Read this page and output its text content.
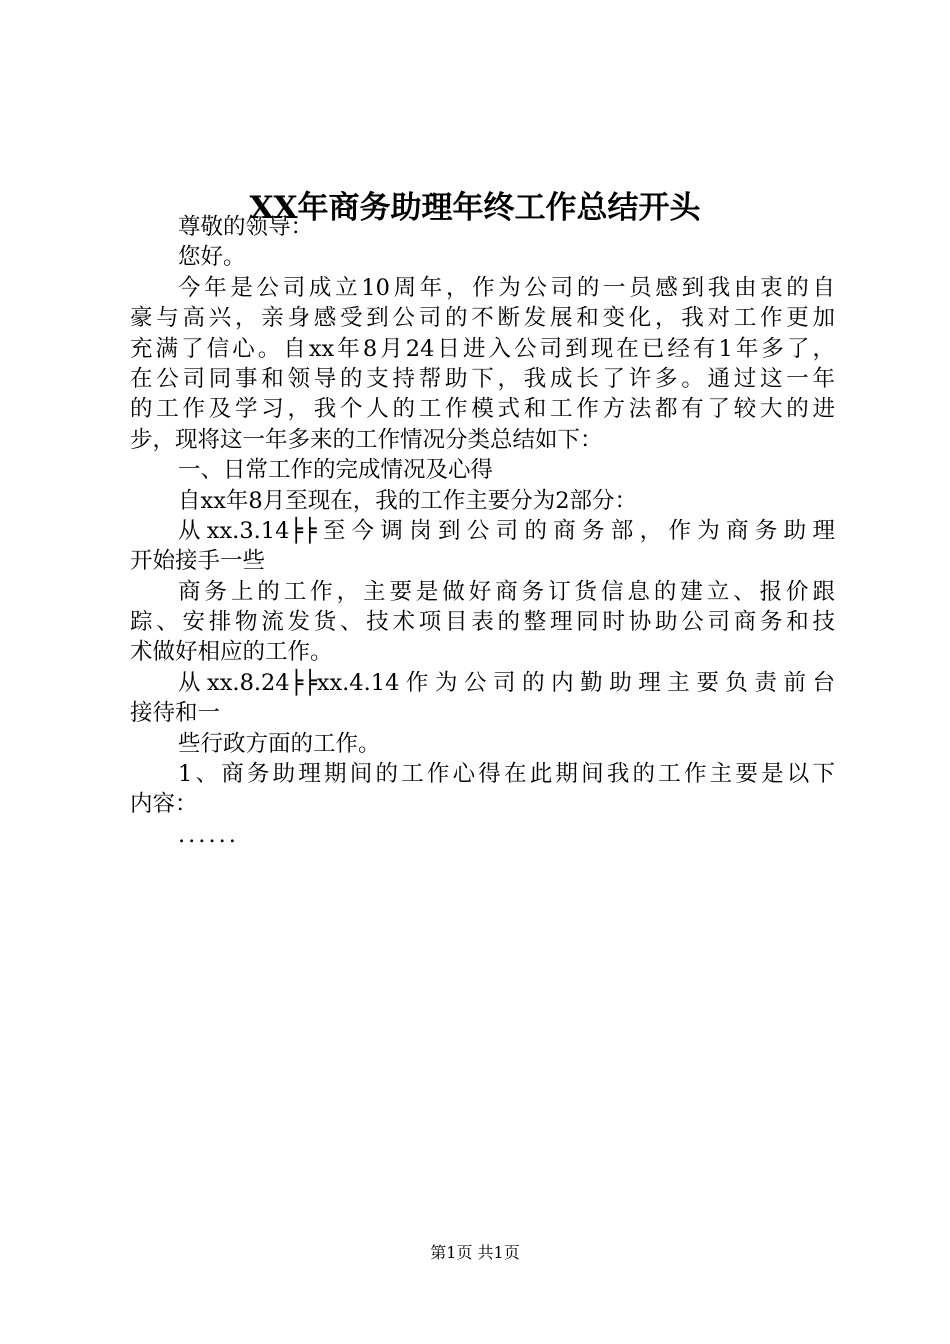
XX年商务助理年终工作总结开头
尊敬的领导：
您好。
今年是公司成立10周年，作为公司的一员感到我由衷的自
豪与高兴，亲身感受到公司的不断发展和变化，我对工作更加
充满了信心。自xx年8月24日进入公司到现在已经有1年多了，
在公司同事和领导的支持帮助下，我成长了许多。通过这一年
的工作及学习，我个人的工作模式和工作方法都有了较大的进
步，现将这一年多来的工作情况分类总结如下：
一、日常工作的完成情况及心得
自xx年8月至现在，我的工作主要分为2部分：
从xx.3.14╞╞至今调岗到公司的商务部，作为商务助理
开始接手一些
商务上的工作，主要是做好商务订货信息的建立、报价跟
踪、安排物流发货、技术项目表的整理同时协助公司商务和技
术做好相应的工作。
从xx.8.24╞╞xx.4.14作为公司的内勤助理主要负责前台
接待和一
些行政方面的工作。
1、商务助理期间的工作心得在此期间我的工作主要是以下
内容：
......
第1页 共1页
